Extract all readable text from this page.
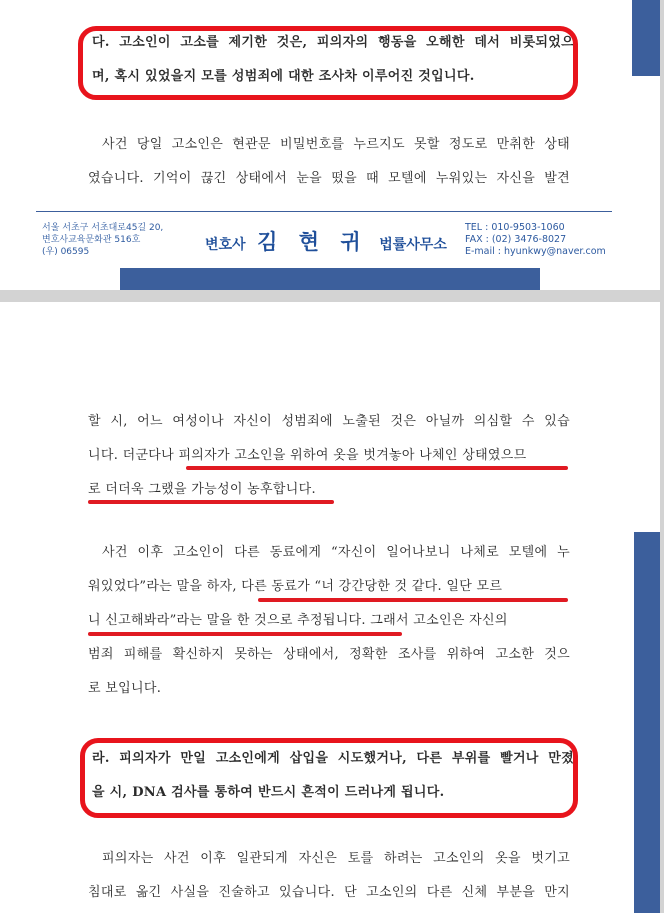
다. 고소인이 고소를 제기한 것은, 피의자의 행동을 오해한 데서 비롯되었으
며, 혹시 있었을지 모를 성범죄에 대한 조사차 이루어진 것입니다.
사건 당일 고소인은 현관문 비밀번호를 누르지도 못할 정도로 만취한 상태
였습니다. 기억이 끊긴 상태에서 눈을 떴을 때 모텔에 누워있는 자신을 발견
서울 서초구 서초대로45길 20,
변호사교육문화관 516호
(우) 06595	변호사 김 현 귀 법률사무소
TEL : 010-9503-1060
FAX : (02) 3476-8027
E-mail : hyunkwy@naver.com
할 시, 어느 여성이나 자신이 성범죄에 노출된 것은 아닐까 의심할 수 있습
니다. 더군다나 피의자가 고소인을 위하여 옷을 벗겨놓아 나체인 상태였으므
로 더더욱 그랬을 가능성이 농후합니다.
사건 이후 고소인이 다른 동료에게 “자신이 일어나보니 나체로 모텔에 누
워있었다”라는 말을 하자, 다른 동료가 “너 강간당한 것 같다. 일단 모르
니 신고해봐라”라는 말을 한 것으로 추정됩니다. 그래서 고소인은 자신의
범죄 피해를 확신하지 못하는 상태에서, 정확한 조사를 위하여 고소한 것으
로 보입니다.
라. 피의자가 만일 고소인에게 삽입을 시도했거나, 다른 부위를 빨거나 만졌
을 시, DNA 검사를 통하여 반드시 흔적이 드러나게 됩니다.
피의자는 사건 이후 일관되게 자신은 토를 하려는 고소인의 옷을 벗기고
침대로 옮긴 사실을 진술하고 있습니다. 단 고소인의 다른 신체 부분을 만지
